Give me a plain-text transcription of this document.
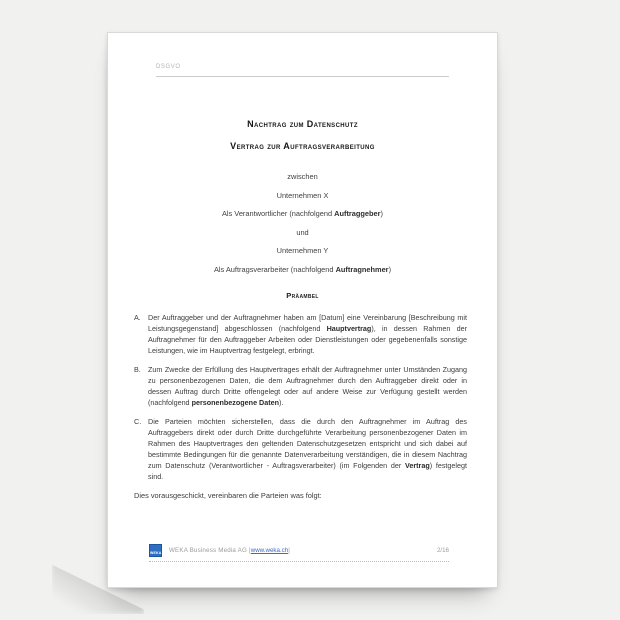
DSGVO
Nachtrag zum Datenschutz
Vertrag zur Auftragsverarbeitung

zwischen

Unternehmen X

Als Verantwortlicher (nachfolgend Auftraggeber)

und

Unternehmen Y

Als Auftragsverarbeiter (nachfolgend Auftragnehmer)

Präambel
A.	Der Auftraggeber und der Auftragnehmer haben am [Datum] eine Vereinbarung [Beschreibung mit Leistungsgegenstand] abgeschlossen (nachfolgend Hauptvertrag), in dessen Rahmen der Auftragnehmer für den Auftraggeber Arbeiten oder Dienstleistungen oder gegebenenfalls sonstige Leistungen, wie im Hauptvertrag festgelegt, erbringt.
B.	Zum Zwecke der Erfüllung des Hauptvertrages erhält der Auftragnehmer unter Umständen Zugang zu personenbezogenen Daten, die dem Auftragnehmer durch den Auftraggeber direkt oder in dessen Auftrag durch Dritte offengelegt oder auf andere Weise zur Verfügung gestellt werden (nachfolgend personenbezogene Daten).
C. Die Parteien möchten sicherstellen, dass die durch den Auftragnehmer im Auftrag des Auftraggebers direkt oder durch Dritte durchgeführte Verarbeitung personenbezogener Daten im Rahmen des Hauptvertrages den geltenden Datenschutzgesetzen entspricht und sich dabei auf bestimmte Bedingungen für die genannte Datenverarbeitung verständigen, die in diesem Nachtrag zum Datenschutz (Verantwortlicher - Auftragsverarbeiter) (im Folgenden der Vertrag) festgelegt sind.

Dies vorausgeschickt, vereinbaren die Parteien was folgt:

WEKA WEKA Business Media AG | www.weka.ch |	2/16
